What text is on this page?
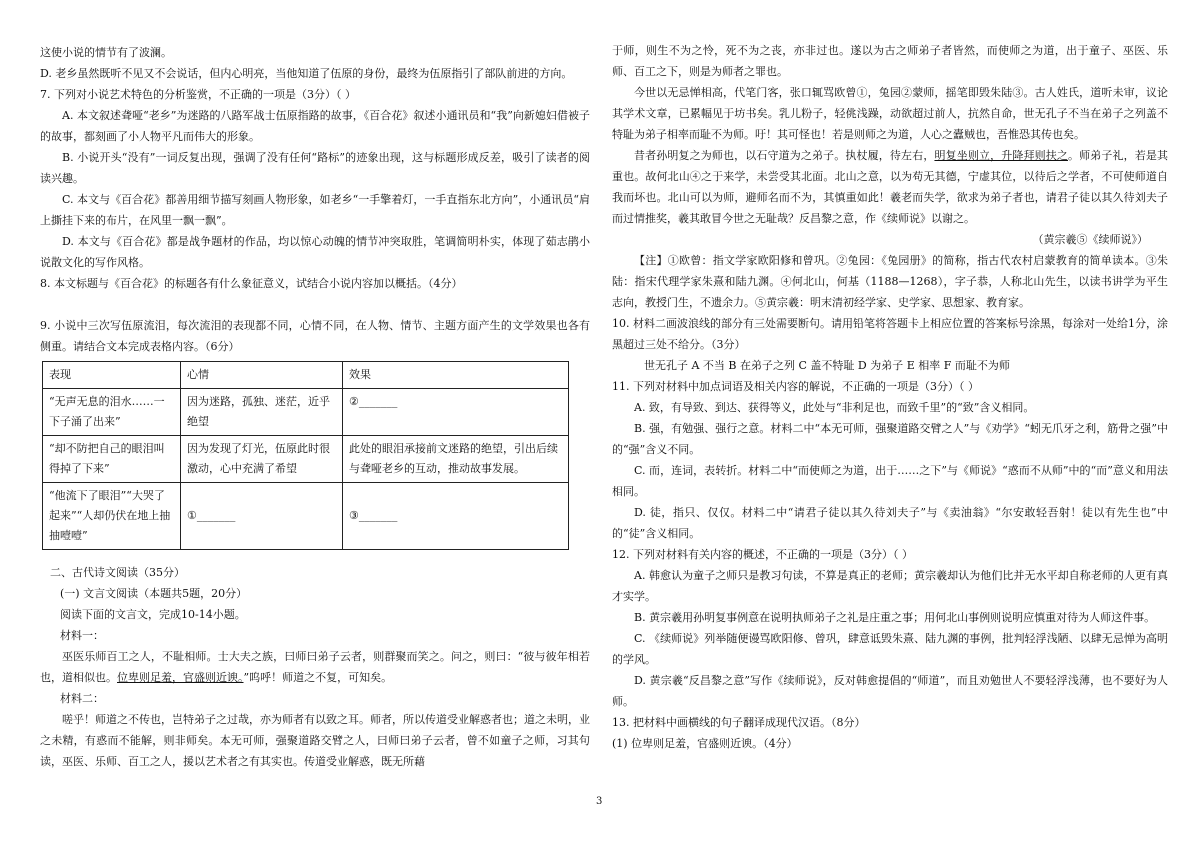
这使小说的情节有了波澜。

D. 老乡虽然既听不见又不会说话，但内心明亮，当他知道了伍原的身份，最终为伍原指引了部队前进的方向。

7. 下列对小说艺术特色的分析鉴赏，不正确的一项是（3分）（ ）

A. 本文叙述聋哑“老乡”为迷路的八路军战士伍原指路的故事，《百合花》叙述小通讯员和“我”向新媳妇借被子的故事，都刻画了小人物平凡而伟大的形象。

B. 小说开头“没有”一词反复出现，强调了没有任何“路标”的迹象出现，这与标题形成反差，吸引了读者的阅读兴趣。

C. 本文与《百合花》都善用细节描写刻画人物形象，如老乡“一手擎着灯，一手直指东北方向”，小通讯员“肩上撕挂下来的布片，在风里一飘一飘”。

D. 本文与《百合花》都是战争题材的作品，均以惊心动魄的情节冲突取胜，笔调简明朴实，体现了茹志鹃小说散文化的写作风格。

8. 本文标题与《百合花》的标题各有什么象征意义，试结合小说内容加以概括。（4分）

9. 小说中三次写伍原流泪，每次流泪的表现都不同，心情不同，在人物、情节、主题方面产生的文学效果也各有侧重。请结合文本完成表格内容。（6分）

表现	心情	效果
“无声无息的泪水……一下子涌了出来”	因为迷路，孤独、迷茫，近乎绝望	②_______
“却不防把自己的眼泪叫得掉了下来”	因为发现了灯光，伍原此时很激动，心中充满了希望	此处的眼泪承接前文迷路的绝望，引出后续与聋哑老乡的互动，推动故事发展。
“他流下了眼泪”“大哭了起来”“人却仍伏在地上抽抽噎噎”	①_______	③_______

二、古代诗文阅读（35分）

(一) 文言文阅读（本题共5题，20分）

阅读下面的文言文，完成10-14小题。

材料一：

巫医乐师百工之人，不耻相师。士大夫之族，曰师曰弟子云者，则群聚而笑之。问之，则曰：“彼与彼年相若也，道相似也。位卑则足羞，官盛则近谀。”呜呼！师道之不复，可知矣。

材料二：

嗟乎！师道之不传也，岂特弟子之过哉，亦为师者有以致之耳。师者，所以传道受业解惑者也；道之未明，业之未精，有惑而不能解，则非师矣。本无可师，强聚道路交臂之人，曰师曰弟子云者，曾不如童子之师，习其句读，巫医、乐师、百工之人，援以艺术者之有其实也。传道受业解惑，既无所藉

于师，则生不为之怜，死不为之丧，亦非过也。遂以为古之师弟子者皆然，而使师之为道，出于童子、巫医、乐师、百工之下，则是为师者之罪也。

今世以无忌惮相高，代笔门客，张口辄骂欧曾①，兔园②蒙师，摇笔即毁朱陆③。古人姓氏，道听未审，议论其学术文章，已累幅见于坊书矣。乳儿粉子，轻佻浅躁，动欲超过前人，抗然自命，世无孔子不当在弟子之列盖不特耻为弟子相率而耻不为师。吁！其可怪也！若是则师之为道，人心之蠹贼也，吾惟恐其传也矣。

昔者孙明复之为师也，以石守道为之弟子。执杖履，待左右，明复坐则立，升降拜则扶之。师弟子礼，若是其重也。故何北山④之于来学，未尝受其北面。北山之意，以为苟无其德，宁虚其位，以待后之学者，不可使师道自我而坏也。北山可以为师，避师名而不为，其慎重如此！羲老而失学，欲求为弟子者也，请君子徒以其久待刘夫子而过情推奖，羲其敢冒今世之无耻哉？反昌黎之意，作《续师说》以谢之。

（黄宗羲⑤《续师说》）

【注】①欧曾：指文学家欧阳修和曾巩。②兔园：《兔园册》的简称，指古代农村启蒙教育的简单读本。③朱陆：指宋代理学家朱熹和陆九渊。④何北山，何基（1188—1268），字子恭，人称北山先生，以读书讲学为平生志向，教授门生，不遗余力。⑤黄宗羲：明末清初经学家、史学家、思想家、教育家。

10. 材料二画波浪线的部分有三处需要断句。请用铅笔将答题卡上相应位置的答案标号涂黑，每涂对一处给1分，涂黑超过三处不给分。（3分）

世无孔子 A 不当 B 在弟子之列 C 盖不特耻 D 为弟子 E 相率 F 而耻不为师

11. 下列对材料中加点词语及相关内容的解说，不正确的一项是（3分）（ ）

A. 致，有导致、到达、获得等义，此处与“非利足也，而致千里”的“致”含义相同。

B. 强，有勉强、强行之意。材料二中“本无可师，强聚道路交臂之人”与《劝学》“蚓无爪牙之利，筋骨之强”中的“强”含义不同。

C. 而，连词，表转折。材料二中“而使师之为道，出于……之下”与《师说》“惑而不从师”中的“而”意义和用法相同。

D. 徒，指只、仅仅。材料二中“请君子徒以其久待刘夫子”与《卖油翁》“尔安敢轻吾射！徒以有先生也”中的“徒”含义相同。

12. 下列对材料有关内容的概述，不正确的一项是（3分）（ ）

A. 韩愈认为童子之师只是教习句读，不算是真正的老师；黄宗羲却认为他们比并无水平却自称老师的人更有真才实学。

B. 黄宗羲用孙明复事例意在说明执师弟子之礼是庄重之事；用何北山事例则说明应慎重对待为人师这件事。

C. 《续师说》列举随便谩骂欧阳修、曾巩，肆意诋毁朱熹、陆九渊的事例，批判轻浮浅陋、以肆无忌惮为高明的学风。

D. 黄宗羲“反昌黎之意”写作《续师说》，反对韩愈提倡的“师道”，而且劝勉世人不要轻浮浅薄，也不要好为人师。

13. 把材料中画横线的句子翻译成现代汉语。（8分）

(1) 位卑则足羞，官盛则近谀。（4分）

3
